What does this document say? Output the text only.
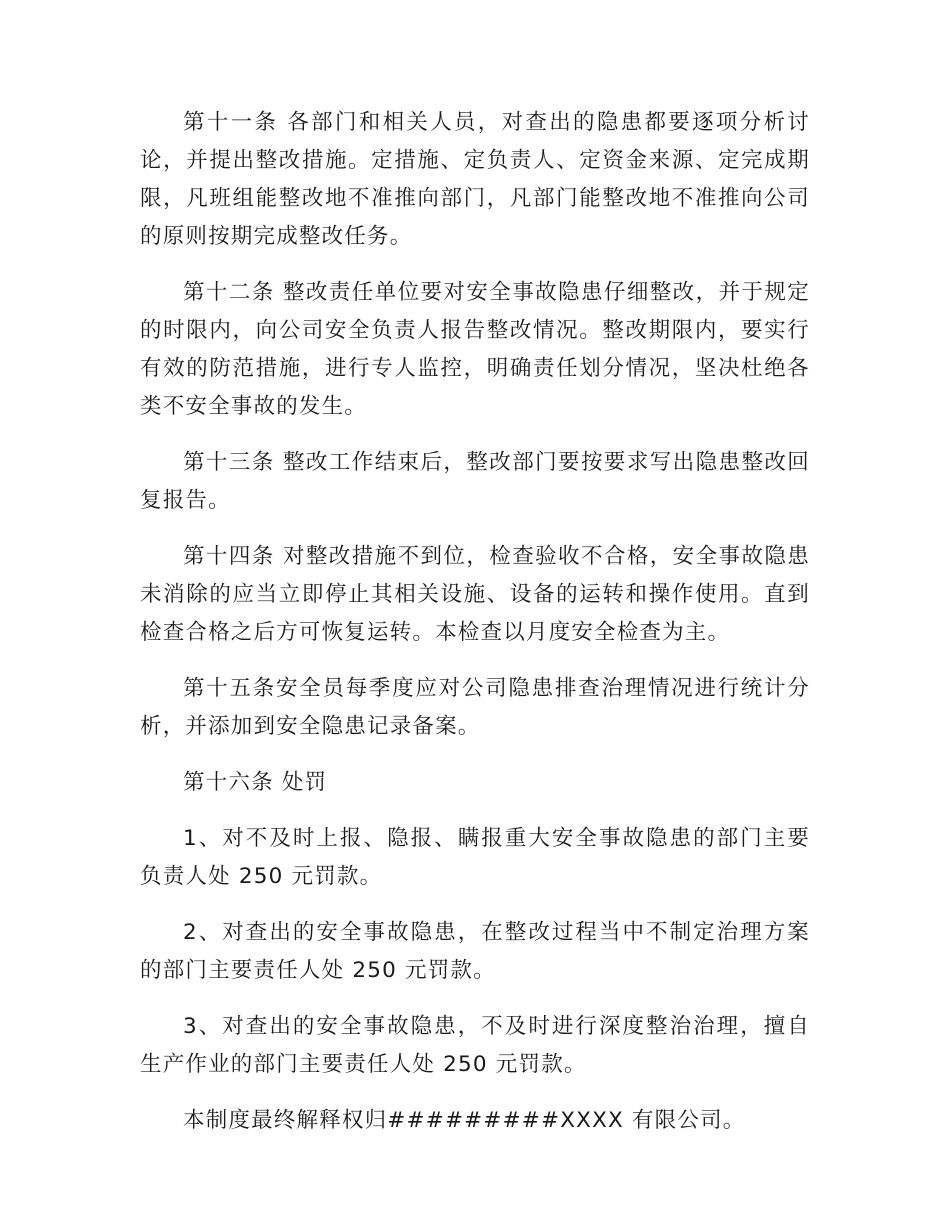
第十一条 各部门和相关人员，对查出的隐患都要逐项分析讨论，并提出整改措施。定措施、定负责人、定资金来源、定完成期限，凡班组能整改地不准推向部门，凡部门能整改地不准推向公司的原则按期完成整改任务。

第十二条 整改责任单位要对安全事故隐患仔细整改，并于规定的时限内，向公司安全负责人报告整改情况。整改期限内，要实行有效的防范措施，进行专人监控，明确责任划分情况，坚决杜绝各类不安全事故的发生。

第十三条 整改工作结束后，整改部门要按要求写出隐患整改回复报告。

第十四条 对整改措施不到位，检查验收不合格，安全事故隐患未消除的应当立即停止其相关设施、设备的运转和操作使用。直到检查合格之后方可恢复运转。本检查以月度安全检查为主。

第十五条安全员每季度应对公司隐患排查治理情况进行统计分析，并添加到安全隐患记录备案。

第十六条 处罚

1、对不及时上报、隐报、瞒报重大安全事故隐患的部门主要负责人处 250 元罚款。

2、对查出的安全事故隐患，在整改过程当中不制定治理方案的部门主要责任人处 250 元罚款。

3、对查出的安全事故隐患，不及时进行深度整治治理，擅自生产作业的部门主要责任人处 250 元罚款。

本制度最终解释权归#########XXXX 有限公司。
